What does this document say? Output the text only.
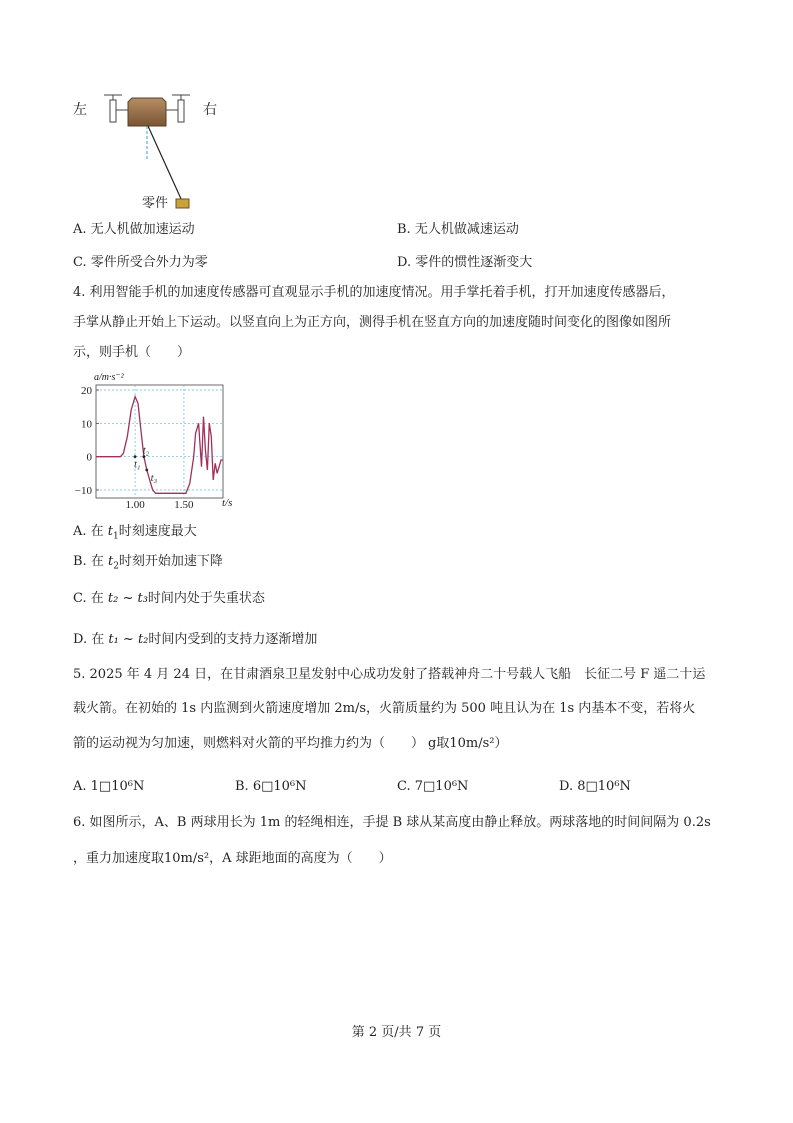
左	右
零件
A. 无人机做加速运动	B. 无人机做减速运动
C. 零件所受合外力为零	D. 零件的惯性逐渐变大
4. 利用智能手机的加速度传感器可直观显示手机的加速度情况。用手掌托着手机，打开加速度传感器后，
手掌从静止开始上下运动。以竖直向上为正方向，测得手机在竖直方向的加速度随时间变化的图像如图所
示，则手机（　　）
a/m·s⁻²
20
10
0
−10
1.00	1.50	t/s
t₁
t₂
t₃
A. 在 $t_1$时刻速度最大
B. 在 $t_2$时刻开始加速下降
C. 在 t₂ ~ t₃时间内处于失重状态
D. 在 t₁ ~ t₂时间内受到的支持力逐渐增加
5. 2025 年 4 月 24 日，在甘肃酒泉卫星发射中心成功发射了搭载神舟二十号载人飞船　长征二号 F 遥二十运
载火箭。在初始的 1s 内监测到火箭速度增加 2m/s，火箭质量约为 500 吨且认为在 1s 内基本不变，若将火
箭的运动视为匀加速，则燃料对火箭的平均推力约为（　　） g取10m/s²）
A. 1□10⁶N	B. 6□10⁶N	C. 7□10⁶N	D. 8□10⁶N
6. 如图所示，A、B 两球用长为 1m 的轻绳相连，手提 B 球从某高度由静止释放。两球落地的时间间隔为 0.2s
，重力加速度取10m/s²，A 球距地面的高度为（　　）
第 2 页/共 7 页
